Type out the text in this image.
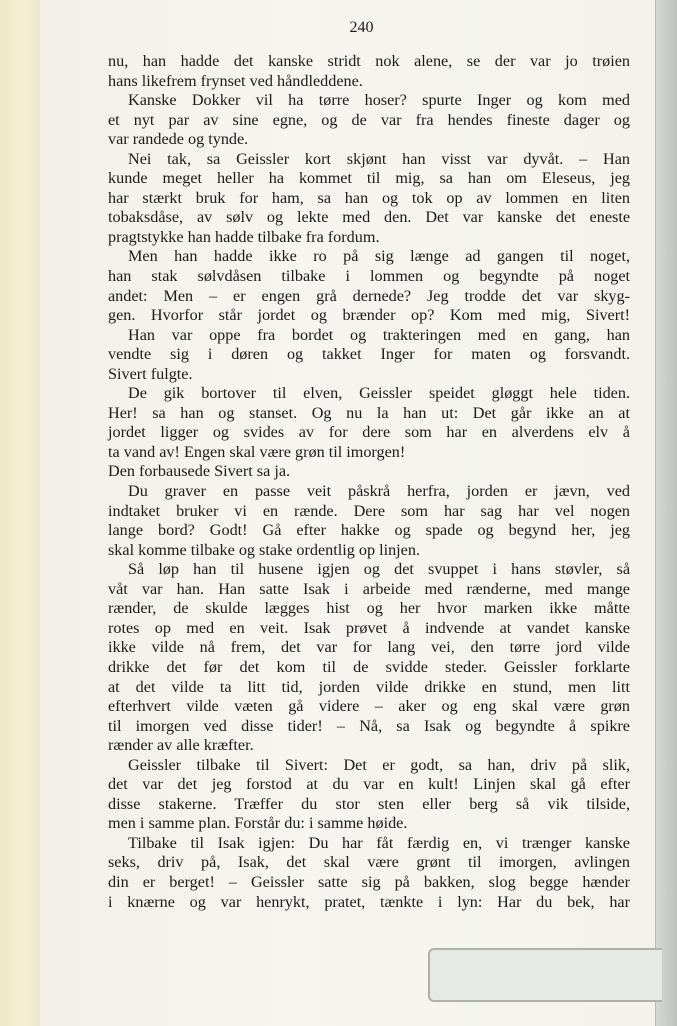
240

nu, han hadde det kanske stridt nok alene, se der var jo trøien
hans likefrem frynset ved håndleddene.
Kanske Dokker vil ha tørre hoser? spurte Inger og kom med
et nyt par av sine egne, og de var fra hendes fineste dager og
var randede og tynde.
Nei tak, sa Geissler kort skjønt han visst var dyvåt. – Han
kunde meget heller ha kommet til mig, sa han om Eleseus, jeg
har stærkt bruk for ham, sa han og tok op av lommen en liten
tobaksdåse, av sølv og lekte med den. Det var kanske det eneste
pragtstykke han hadde tilbake fra fordum.
Men han hadde ikke ro på sig længe ad gangen til noget,
han stak sølvdåsen tilbake i lommen og begyndte på noget
andet: Men – er engen grå dernede? Jeg trodde det var skyg-
gen. Hvorfor står jordet og brænder op? Kom med mig, Sivert!
Han var oppe fra bordet og trakteringen med en gang, han
vendte sig i døren og takket Inger for maten og forsvandt.
Sivert fulgte.
De gik bortover til elven, Geissler speidet gløggt hele tiden.
Her! sa han og stanset. Og nu la han ut: Det går ikke an at
jordet ligger og svides av for dere som har en alverdens elv å
ta vand av! Engen skal være grøn til imorgen!
Den forbausede Sivert sa ja.
Du graver en passe veit påskrå herfra, jorden er jævn, ved
indtaket bruker vi en rænde. Dere som har sag har vel nogen
lange bord? Godt! Gå efter hakke og spade og begynd her, jeg
skal komme tilbake og stake ordentlig op linjen.
Så løp han til husene igjen og det svuppet i hans støvler, så
våt var han. Han satte Isak i arbeide med rænderne, med mange
rænder, de skulde lægges hist og her hvor marken ikke måtte
rotes op med en veit. Isak prøvet å indvende at vandet kanske
ikke vilde nå frem, det var for lang vei, den tørre jord vilde
drikke det før det kom til de svidde steder. Geissler forklarte
at det vilde ta litt tid, jorden vilde drikke en stund, men litt
efterhvert vilde væten gå videre – aker og eng skal være grøn
til imorgen ved disse tider! – Nå, sa Isak og begyndte å spikre
rænder av alle kræfter.
Geissler tilbake til Sivert: Det er godt, sa han, driv på slik,
det var det jeg forstod at du var en kult! Linjen skal gå efter
disse stakerne. Træffer du stor sten eller berg så vik tilside,
men i samme plan. Forstår du: i samme høide.
Tilbake til Isak igjen: Du har fåt færdig en, vi trænger kanske
seks, driv på, Isak, det skal være grønt til imorgen, avlingen
din er berget! – Geissler satte sig på bakken, slog begge hænder
i knærne og var henrykt, pratet, tænkte i lyn: Har du bek, har
